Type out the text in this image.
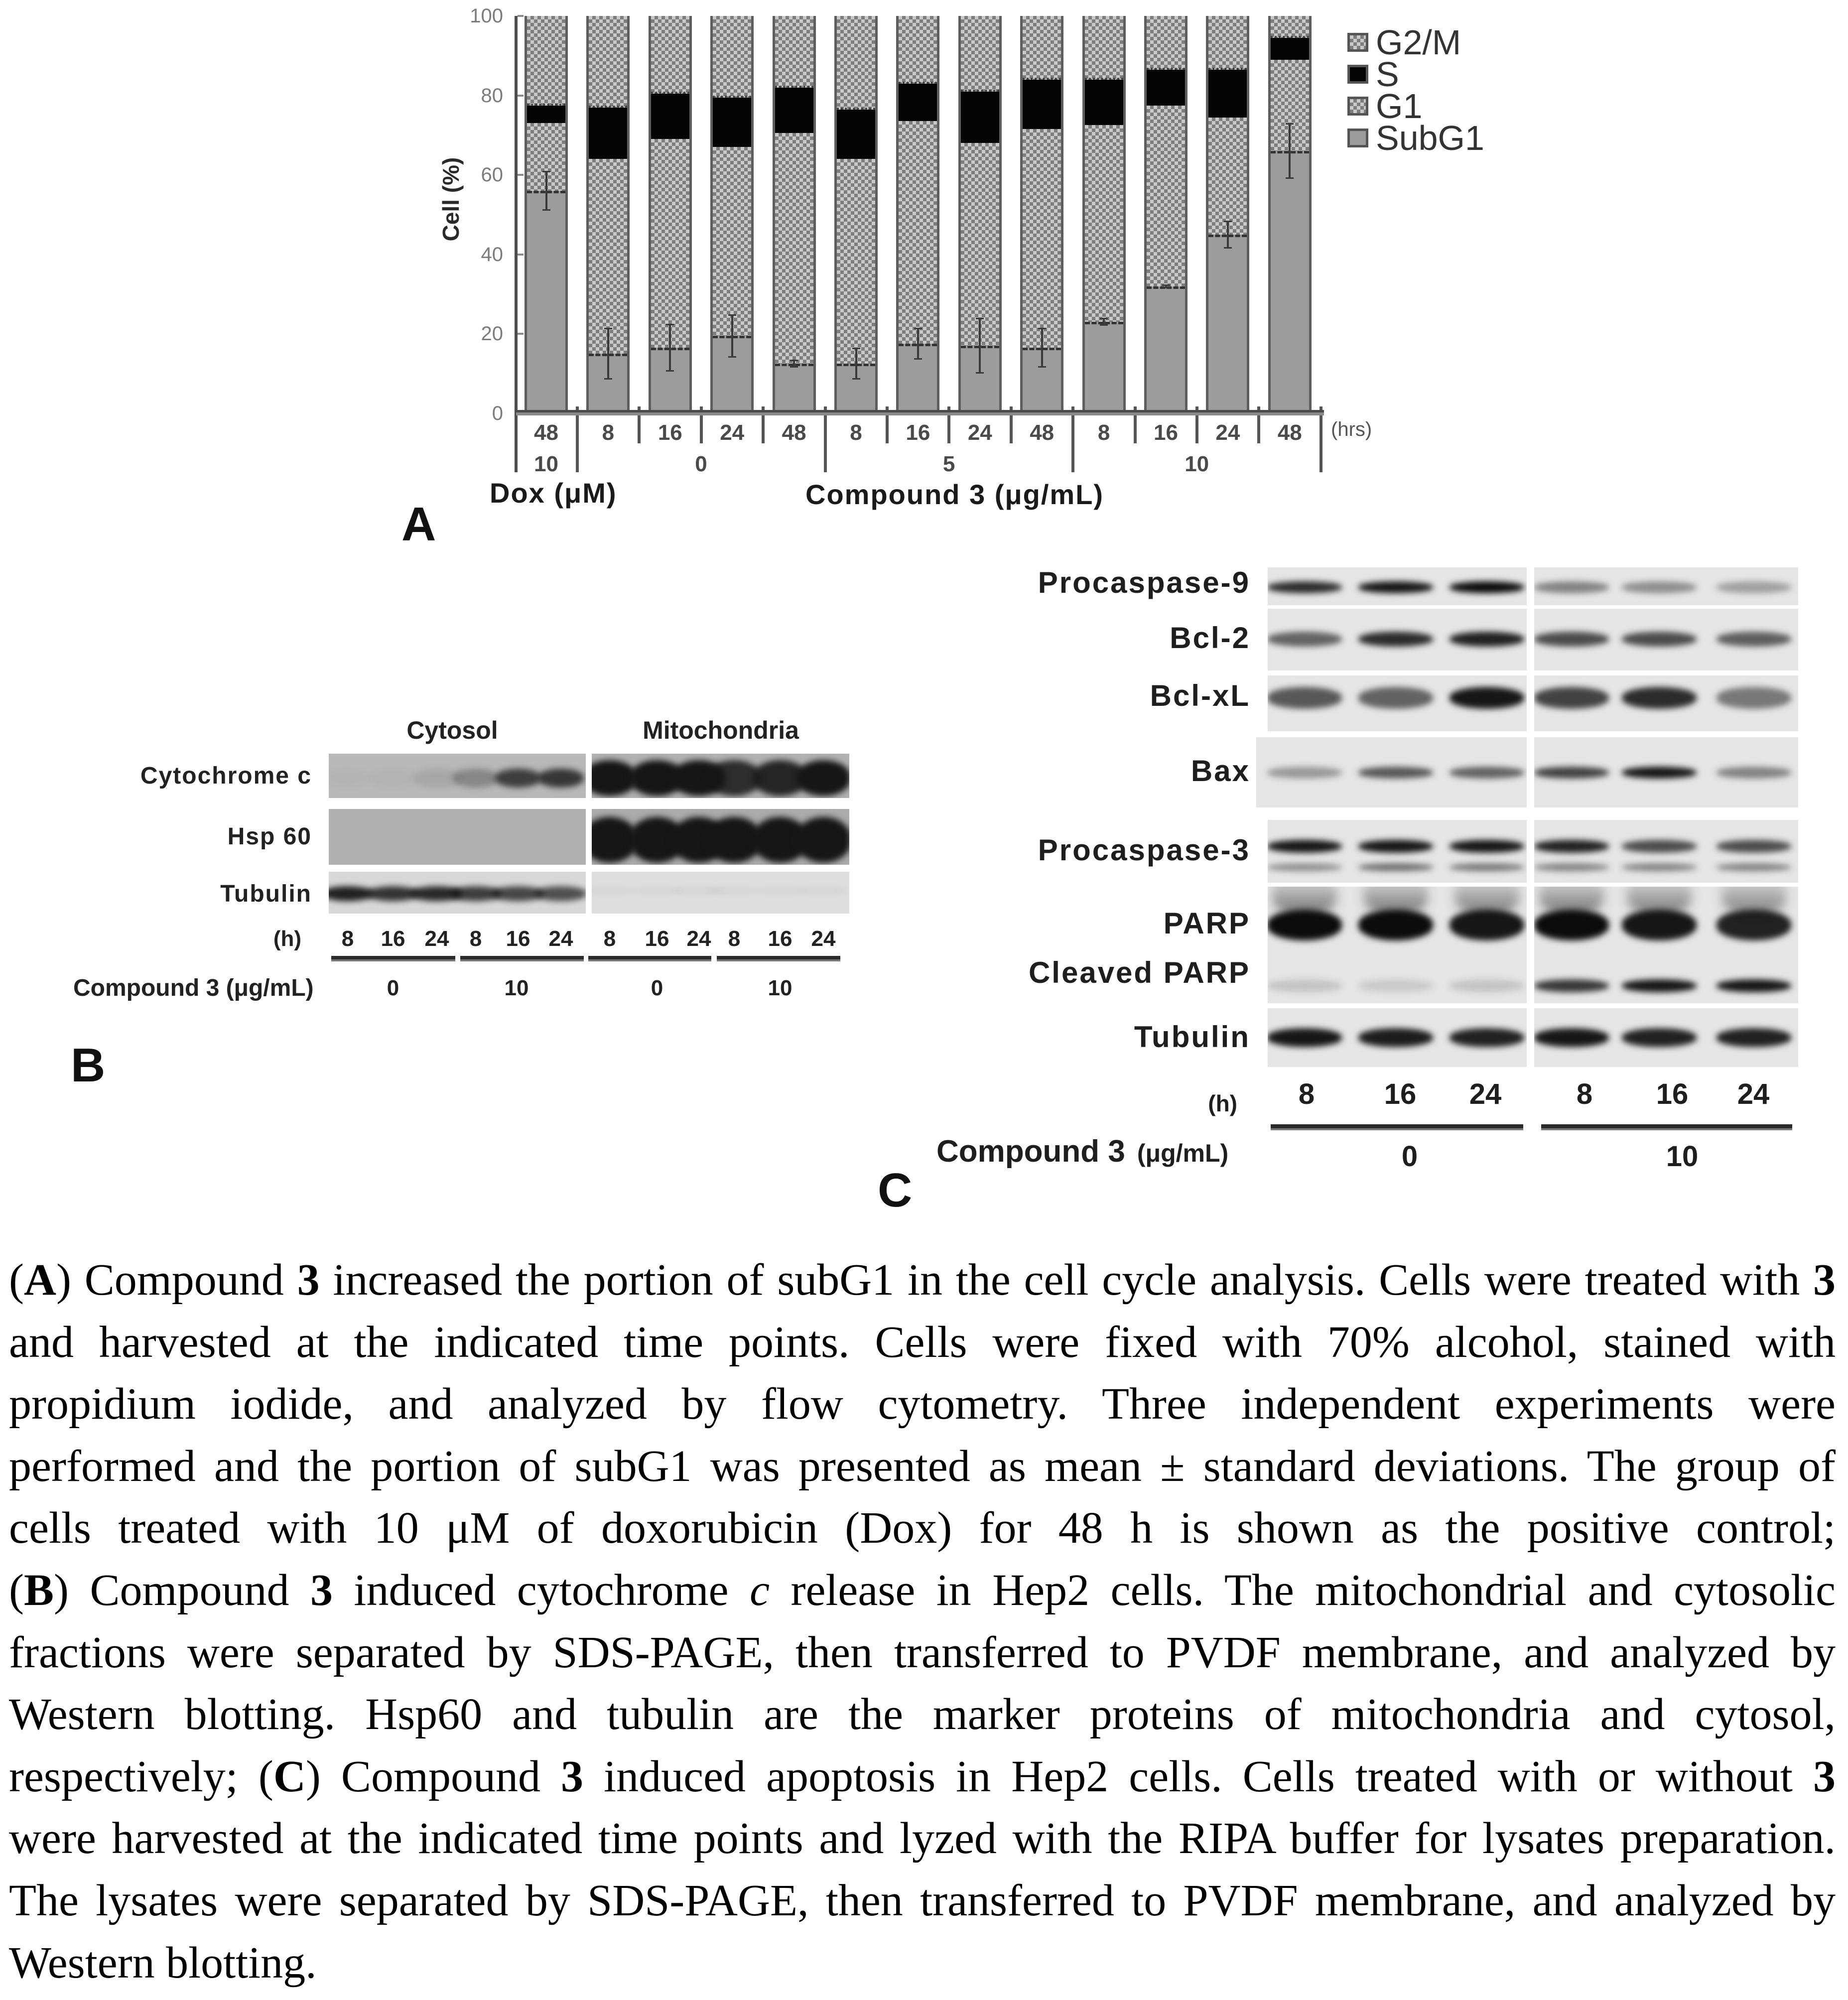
Cell (%)
(hrs)
Dox (μM)	Compound 3 (μg/mL)
A
G2/M
S
G1
SubG1
0
20
40
60
80
100
48	8	16	24	48	8	16	24	48	8	16	24	48
10	0	5	10
Cytosol	Mitochondria
(h)
Compound 3 (μg/mL)
B
Cytochrome c
Hsp 60
Tubulin
8	16 24 8	16 24	8	16 24 8	16 24
0	10	0	10
(h)
Compound 3 (μg/mL)
C
Procaspase-9
Bcl-2
Bcl-xL
Bax
Procaspase-3
PARP
Cleaved PARP
Tubulin
8	16	24	8	16	24
0	10
(A) Compound 3 increased the portion of subG1 in the cell cycle analysis. Cells were treated with 3
and harvested at the indicated time points. Cells were fixed with 70% alcohol, stained with
propidium iodide, and analyzed by flow cytometry. Three independent experiments were
performed and the portion of subG1 was presented as mean ± standard deviations. The group of
cells treated with 10 μM of doxorubicin (Dox) for 48 h is shown as the positive control;
(B) Compound 3 induced cytochrome c release in Hep2 cells. The mitochondrial and cytosolic
fractions were separated by SDS-PAGE, then transferred to PVDF membrane, and analyzed by
Western blotting. Hsp60 and tubulin are the marker proteins of mitochondria and cytosol,
respectively; (C) Compound 3 induced apoptosis in Hep2 cells. Cells treated with or without 3
were harvested at the indicated time points and lyzed with the RIPA buffer for lysates preparation.
The lysates were separated by SDS-PAGE, then transferred to PVDF membrane, and analyzed by
Western blotting.
